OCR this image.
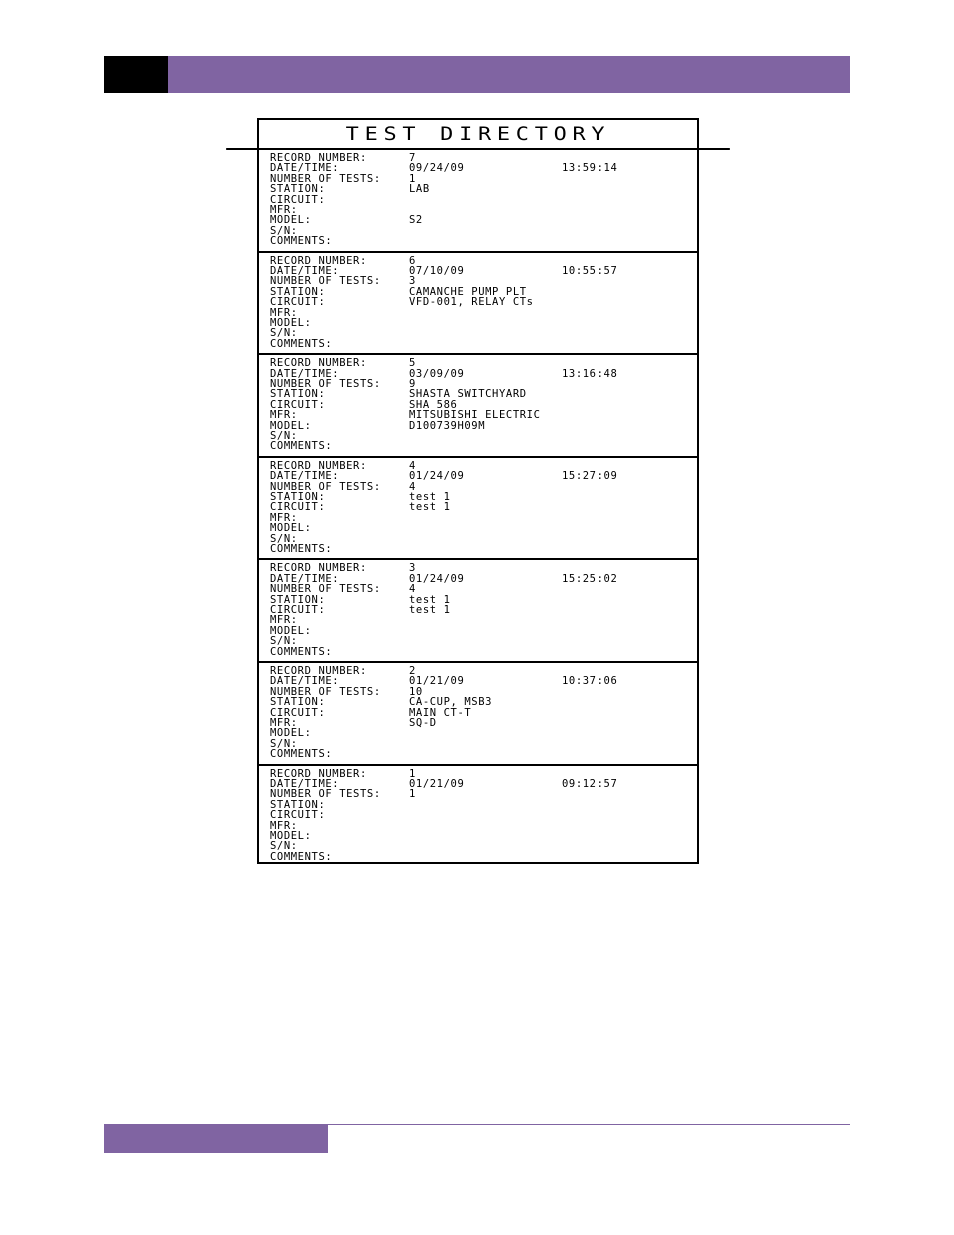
TEST DIRECTORY
RECORD NUMBER:	7
DATE/TIME:	09/24/09	13:59:14
NUMBER OF TESTS:	1
STATION:	LAB
CIRCUIT:
MFR:
MODEL:	S2
S/N:
COMMENTS:
RECORD NUMBER:	6
DATE/TIME:	07/10/09	10:55:57
NUMBER OF TESTS:	3
STATION:	CAMANCHE PUMP PLT
CIRCUIT:	VFD-001, RELAY CTs
MFR:
MODEL:
S/N:
COMMENTS:
RECORD NUMBER:	5
DATE/TIME:	03/09/09	13:16:48
NUMBER OF TESTS:	9
STATION:	SHASTA SWITCHYARD
CIRCUIT:	SHA 586
MFR:	MITSUBISHI ELECTRIC
MODEL:	D100739H09M
S/N:
COMMENTS:
RECORD NUMBER:	4
DATE/TIME:	01/24/09	15:27:09
NUMBER OF TESTS:	4
STATION:	test 1
CIRCUIT:	test 1
MFR:
MODEL:
S/N:
COMMENTS:
RECORD NUMBER:	3
DATE/TIME:	01/24/09	15:25:02
NUMBER OF TESTS:	4
STATION:	test 1
CIRCUIT:	test 1
MFR:
MODEL:
S/N:
COMMENTS:
RECORD NUMBER:	2
DATE/TIME:	01/21/09	10:37:06
NUMBER OF TESTS:	10
STATION:	CA-CUP, MSB3
CIRCUIT:	MAIN CT-T
MFR:	SQ-D
MODEL:
S/N:
COMMENTS:
RECORD NUMBER:	1
DATE/TIME:	01/21/09	09:12:57
NUMBER OF TESTS:	1
STATION:
CIRCUIT:
MFR:
MODEL:
S/N:
COMMENTS:
